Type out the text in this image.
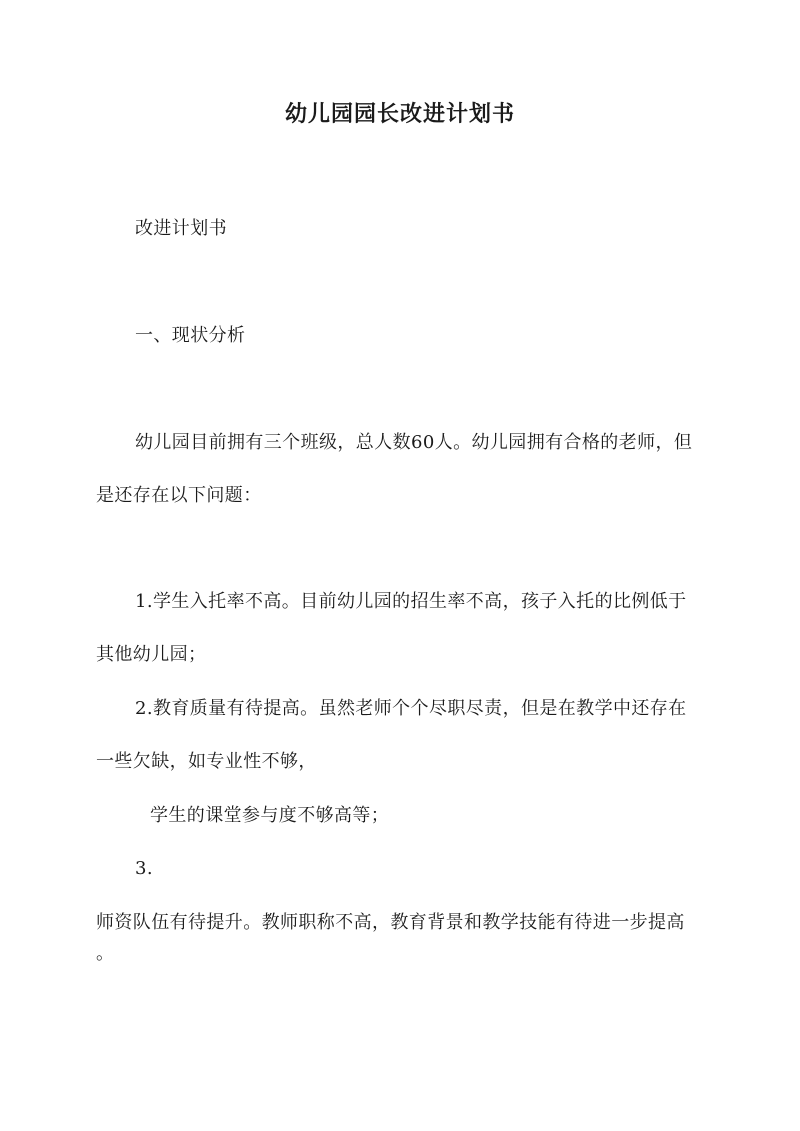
幼儿园园长改进计划书

改进计划书

一、现状分析

幼儿园目前拥有三个班级，总人数60人。幼儿园拥有合格的老师，但

是还存在以下问题：

1.学生入托率不高。目前幼儿园的招生率不高，孩子入托的比例低于

其他幼儿园；

2.教育质量有待提高。虽然老师个个尽职尽责，但是在教学中还存在

一些欠缺，如专业性不够，

学生的课堂参与度不够高等；

3.

师资队伍有待提升。教师职称不高，教育背景和教学技能有待进一步提高

。
